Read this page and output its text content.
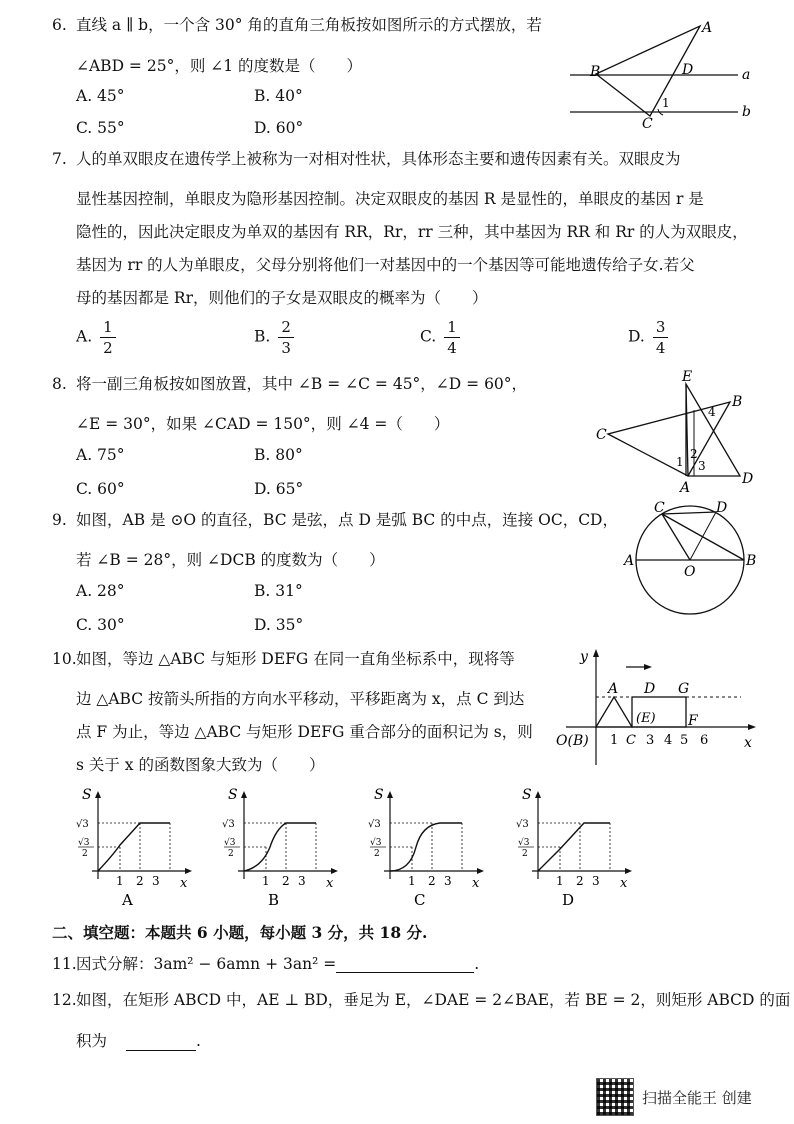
6. 直线 a ∥ b，一个含 30° 角的直角三角板按如图所示的方式摆放，若
∠ABD = 25°，则 ∠1 的度数是（　　）
A. 45°	B. 40°
C. 55°	D. 60°
A
B
C
D	a
b
1
7. 人的单双眼皮在遗传学上被称为一对相对性状，具体形态主要和遗传因素有关。双眼皮为
显性基因控制，单眼皮为隐形基因控制。决定双眼皮的基因 R 是显性的，单眼皮的基因 r 是
隐性的，因此决定眼皮为单双的基因有 RR，Rr，rr 三种，其中基因为 RR 和 Rr 的人为双眼皮，
基因为 rr 的人为单眼皮，父母分别将他们一对基因中的一个基因等可能地遗传给子女.若父
母的基因都是 Rr，则他们的子女是双眼皮的概率为（　　）
A. $\frac{1}{2}$	B. $\frac{2}{3}$	C. $\frac{1}{4}$	D. $\frac{3}{4}$
8. 将一副三角板按如图放置，其中 ∠B = ∠C = 45°，∠D = 60°，
∠E = 30°，如果 ∠CAD = 150°，则 ∠4 =（　　）
A. 75°	B. 80°
C. 60°	D. 65°
E
B
C
D
A
1
2
3
4
9. 如图，AB 是 ⊙O 的直径，BC 是弦，点 D 是弧 BC 的中点，连接 OC，CD，
若 ∠B = 28°，则 ∠DCB 的度数为（　　）
A. 28°	B. 31°
C. 30°	D. 35°
C	D
A	B
O
10.如图，等边 △ABC 与矩形 DEFG 在同一直角坐标系中，现将等
边 △ABC 按箭头所指的方向水平移动，平移距离为 x，点 C 到达
点 F 为止，等边 △ABC 与矩形 DEFG 重合部分的面积记为 s，则
s 关于 x 的函数图象大致为（　　）
y
x
A D G
(E) F
O(B) 1 C 3 4 5 6
S
x
√3
√3
2
1 2 3
A
S
x
√3
√3
2
1 2 3
B
S
x
√3
√3
2
1 2 3
C
S
x
√3
√3
2
1 2 3
D
二、填空题：本题共 6 小题，每小题 3 分，共 18 分.
11.因式分解：3am² − 6amn + 3an² =	.
12.如图，在矩形 ABCD 中，AE ⊥ BD，垂足为 E，∠DAE = 2∠BAE，若 BE = 2，则矩形 ABCD 的面
积为	.
扫描全能王 创建
